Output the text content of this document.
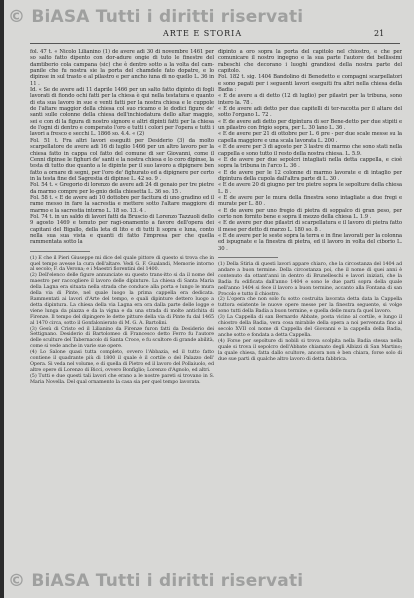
© BiASA Tutti i diritti riservati
ARTE E STORIA	21

fol. 47 t. « Nicolo Lilianino (1) de avere adi 30 di novembre 1461 per so salto fatto dipento con dor-adure ongie di tuto le finestre del damtiberio cola campana (sic) che è dentro sotto a la volta del cam-panile che fu nostra sie la porta del chamdele fato dopatre, e lo dipinse in sul trasto e al pilastro e per ancho iuna di no quello L. 36 in 11 .

Id. « Se de avere adi 11 daprile 1466 per un salto fatto dipinto di fogli lavorati di fiondo ochi fatti per la chiesa è qui nella testatura e quanto di eta sua lavoro in sue e venti fatti per la nostra chiesa e le cuppole de l'altare maggior della chiesa col suo ricamo e le dodici figure de' santi sulle colonne della chiesa dell'inchiodatura dello altar maggio, sei e con di la figura di nostro signore e altri dipinti fatti per la chiesa de l'ogni di dentro e comperato l'oro e tutti i colori per l'opera e tutti i lavori a fresco e secchi L. 1866 so. 4.4. « (2)

Fol. 51 t. Fra altri lavori eseguiti per Desiderio (3) da molto scarpellatore de avere adi 16 di luglio 1466 per un altro lavoro per la chiesa fatto in cappa col fatto del comune di ser Giovanni, come il Cenni dipinse le fighuri de' santi e la nostra chiesa e lo coro dipinse, la testa di tutto due quanto a le dipinte per il suo lavoro a dipignere ben fatto a ornare di segni, per l'oro de' fighurato ed a dipignere per certo in la testa fine del Sagrestia di dipinse L. 42 so. 9 .

Fol. 54 t. « Gregorio di lorenzo de avere adi 24 di genaio per tre pietre da marmo compre per le-gnio della chiesetta L. 36 so. 15 .

Fol. 58 t. « E de avere adi 10 dottobre per facitura di uno gradino ed il rame messo in fare la sacrestia e mettere sotto l'altare maggiore di marmo e la sacrestia intorno L. 18 so. 13. 4 .

Fol. 74 t. in un saldo di lavori fatti da Bruscio di Lorenzo Tazzuoli dello 9 agosto 1469 e tenuto per ragi-onamento a favore dell'opera dei capitani del Bigallo, della leta di lito e di tutti li sopra e luna, conto nella sua sua vista e quanti di fatto l'impresa per che quella rammentata sotto la

(1) E che il Pieri Giuseppe mi dice del quale pittore di questo si trova che in quel tempo avesse la cura dell'altare. Vedi G. F. Gualandi, Memorie intorno al secolo; F. da Verona; e i Maestri fiorentini del 1400.

(2) Dell'elenco delle figure annunciate su questo trans-itto si da il nome del maestro per raccogliere il lavoro delle dipinture. La chiesa di Santa Maria della Lagna era situata nella strada che conduce alla porta e lungo le mura della via di Pinte, nel quale luogo la prima cappella era dedicata. Rammentati ai lavori d'Arte del tempo, e quali dipinture dettero luogo a detta dipintura. La chiesa della via Lagna era ora dalla parte delle logge e viene lunga da piazza e da la vigna e da una strada di molte antichita di Firenze. Il tempo del dipingere le dette pitture della via di Pinte fu dal 1465 al 1470 circa, sotto il Gonfalonierato di M. G. A. Bartolini.

(3) Gesù di Cristo ed il Lilianino da Firenze furon fatti da Desiderio dei Settignano. Desiderio di Bartolomeo di Francesco detto Ferro fu l'autore delle sculture del Tabernacolo di Santa Croce, e fu scultore di grande abilità, come si vede anche in varie sue opere.

(4) Lo Salone quasi tutta completo, ovvero l'Abbazia, ed il tutto fatto contiene il quadrante più di 1800 il quale è il cortile o del Palazzo dell' Opera. Si veda nel volume, e di quella di Pietro ed il lavoro del Pollaiuolo, ed altre opere di Lorenzo di Bicci, ovvero Bonfiglio; Lorenzo d'Agnolo, ed altri.

(5) Tutti e due questi tali lavori che erano a le nostre pareti si trovano in S. Maria Novella. Del qual ornamento la casa sia per quel tempo lavorata.

dipinto a oro sopra la porta del capitolo nel chiostro, e che per comunicare il nostro ingegno e la sua parte l'autore dei bellissimi rabeschi che decorano i luoghi grandiosi della nostra parte del capitolo.

Fol. 182 t. sig. 1404 Bandolino di Benedetto e compagni scarpellatori e sono pagati per i seguenti lavori eseguiti fra altri nella chiesa della Badia :

« E de avere a di detto (12 di luglio) per pilastri per la tribuna, sono intero la. 78 .

« E de avere adi detto per due capitelli di ter-racotta per il altare del sotto l'organo L. 72 .

« E de avere adi detto per dipintura di ser Bene-detto per due stipiti e un pilastro con frigio sopra, per L. 30 lano L. 36 .

« E de avere per 21 di ottobre per L. 6 pre - per due scale messe su la capella maggiore e una scala lavorata L. 200 .

« E de avere per 3 di agosto per 3 lastre di marmo che sono stati nella cappella e sono tutto il resto della nostra chiesa. L. 5.9.

« E de avere per due sepolcri intagliati nella detta cappella, e cioè sopra la tribuna in l'arco L. 36 .

« E de avere per le 12 colonne di marmo lavorate e di intaglio per dipintura della cupola dall'altra parte di L. 30 .

« E de avere 20 di giugno per tre pietre sopra le sepolture della chiesa L. 8 .

« E de avere per le mura della finestra sono intagliate a due fregi e murate per L. 80 .

« E de avere per uno fregio di pietra di soppalco di gran peso, per certo non fornito bene e sopra il mezzo della chiesa L. 1.9 .

« E de avere per due pilastri di scarpellatura e il lavoro di pietra fatto il mese per detto di marzo L. 180 so. 8 .

« E de avere per le seste sopra la terra e in fine lavorati per la colonna ed ispugnate e la finestra di pietra, ed il lavoro in volta del ciborio L. 30 .

(1) Della Stiria di questi lavori appare chiaro, che la circostanza del 1404 ad andare a buon termine. Della circostanza poi, che il nome di quei anni è contenuto da ottant'anni in dentro di Brunelleschi e lavori iniziati, che la Badia fu edificata dall'anno 1404 e sono le due parti sopra della quale nell'anno 1404 si fece il lavoro a buon termine, accanto alla Fontana di san Procolo e tutto il chiostro.

(2) L'opera che non solo fu sotto costruita lavorata detta data la Cappella tuttora esistente le nuove opere messe per la finestra seguente, si volge sono tutti della Badia a buon termine, e quella delle mura fa quel lavoro.

(3) La Cappella di san Bernardo Abbate, posta vicino al cortile, e lungo il chiostro della Badia, vera cosa mirabile della opera a noi pervenuta fino al secolo XVII col nome di Cappella del Giovanni e la cappella della Badia, anche sotto e fondata a detta Cappella.

(4) Forse per sepolture di nobili si trova scolpita nella Badia stessa nella quale si trova il sepolcro dell'Abbate chiamato degli Albizzi di San Martino; la quale chiesa, fatta dallo scultore, ancora non è ben chiara, forse solo di due sue parti di qualche altro lavoro di detta fabbrica.

© BiASA Tutti i diritti riservati
